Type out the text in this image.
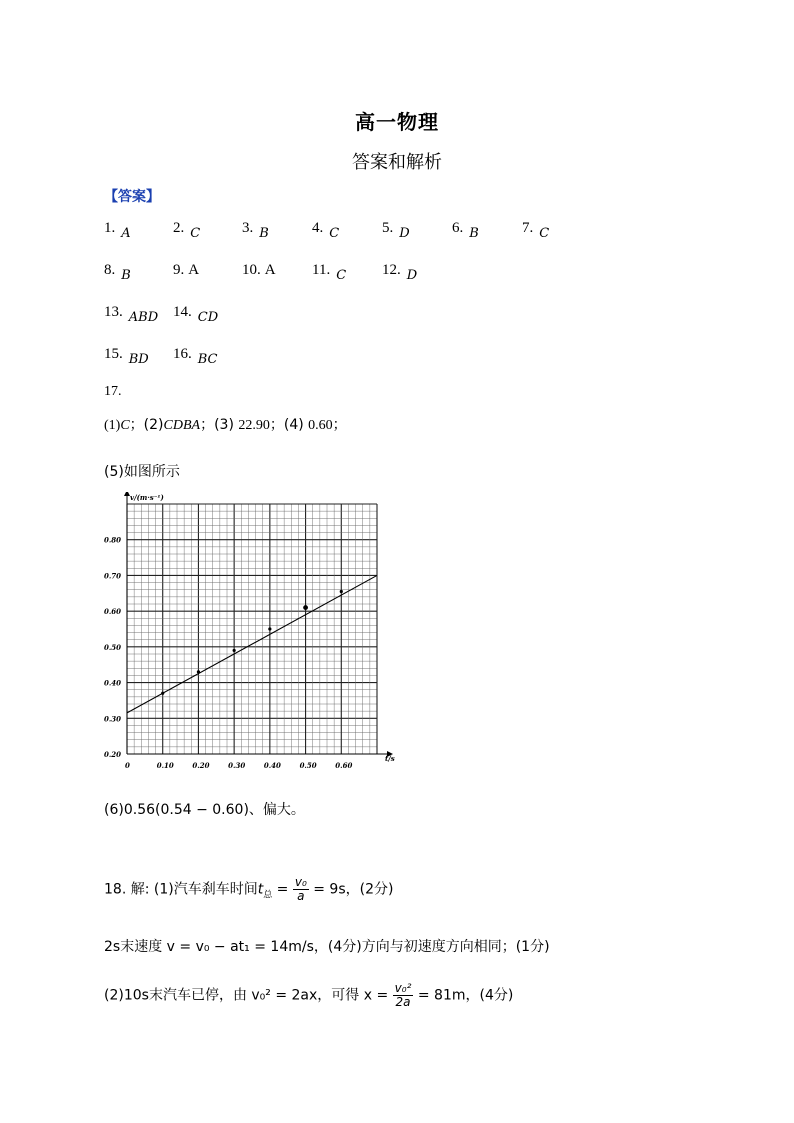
高一物理
答案和解析
【答案】
1. A	2. C	3. B	4. C	5. D	6. B	7. C
8. B	9. A	10. A 11. C 12. D
13. ABD 14. CD
15. BD 16. BC
17.
(1)C；(2)CDBA；(3) 22.90；(4) 0.60；
(5)如图所示
0	0.10	0.20	0.30	0.40	0.50	0.60
0.20
0.30
0.40
0.50
0.60
0.70
0.80
v/(m·s⁻¹)
t/s
(6)0.56(0.54 − 0.60)、偏大。
18. 解: (1)汽车刹车时间$t_总 = \frac{\text{v₀}}{a} = 9s$，(2分)
2s末速度 v = v₀ − at₁ = 14m/s，(4分)方向与初速度方向相同；(1分)
(2)10s末汽车已停，由 v₀² = 2ax，可得 $x = \frac{\text{v₀²}}{2a} = 81m$，(4分)
